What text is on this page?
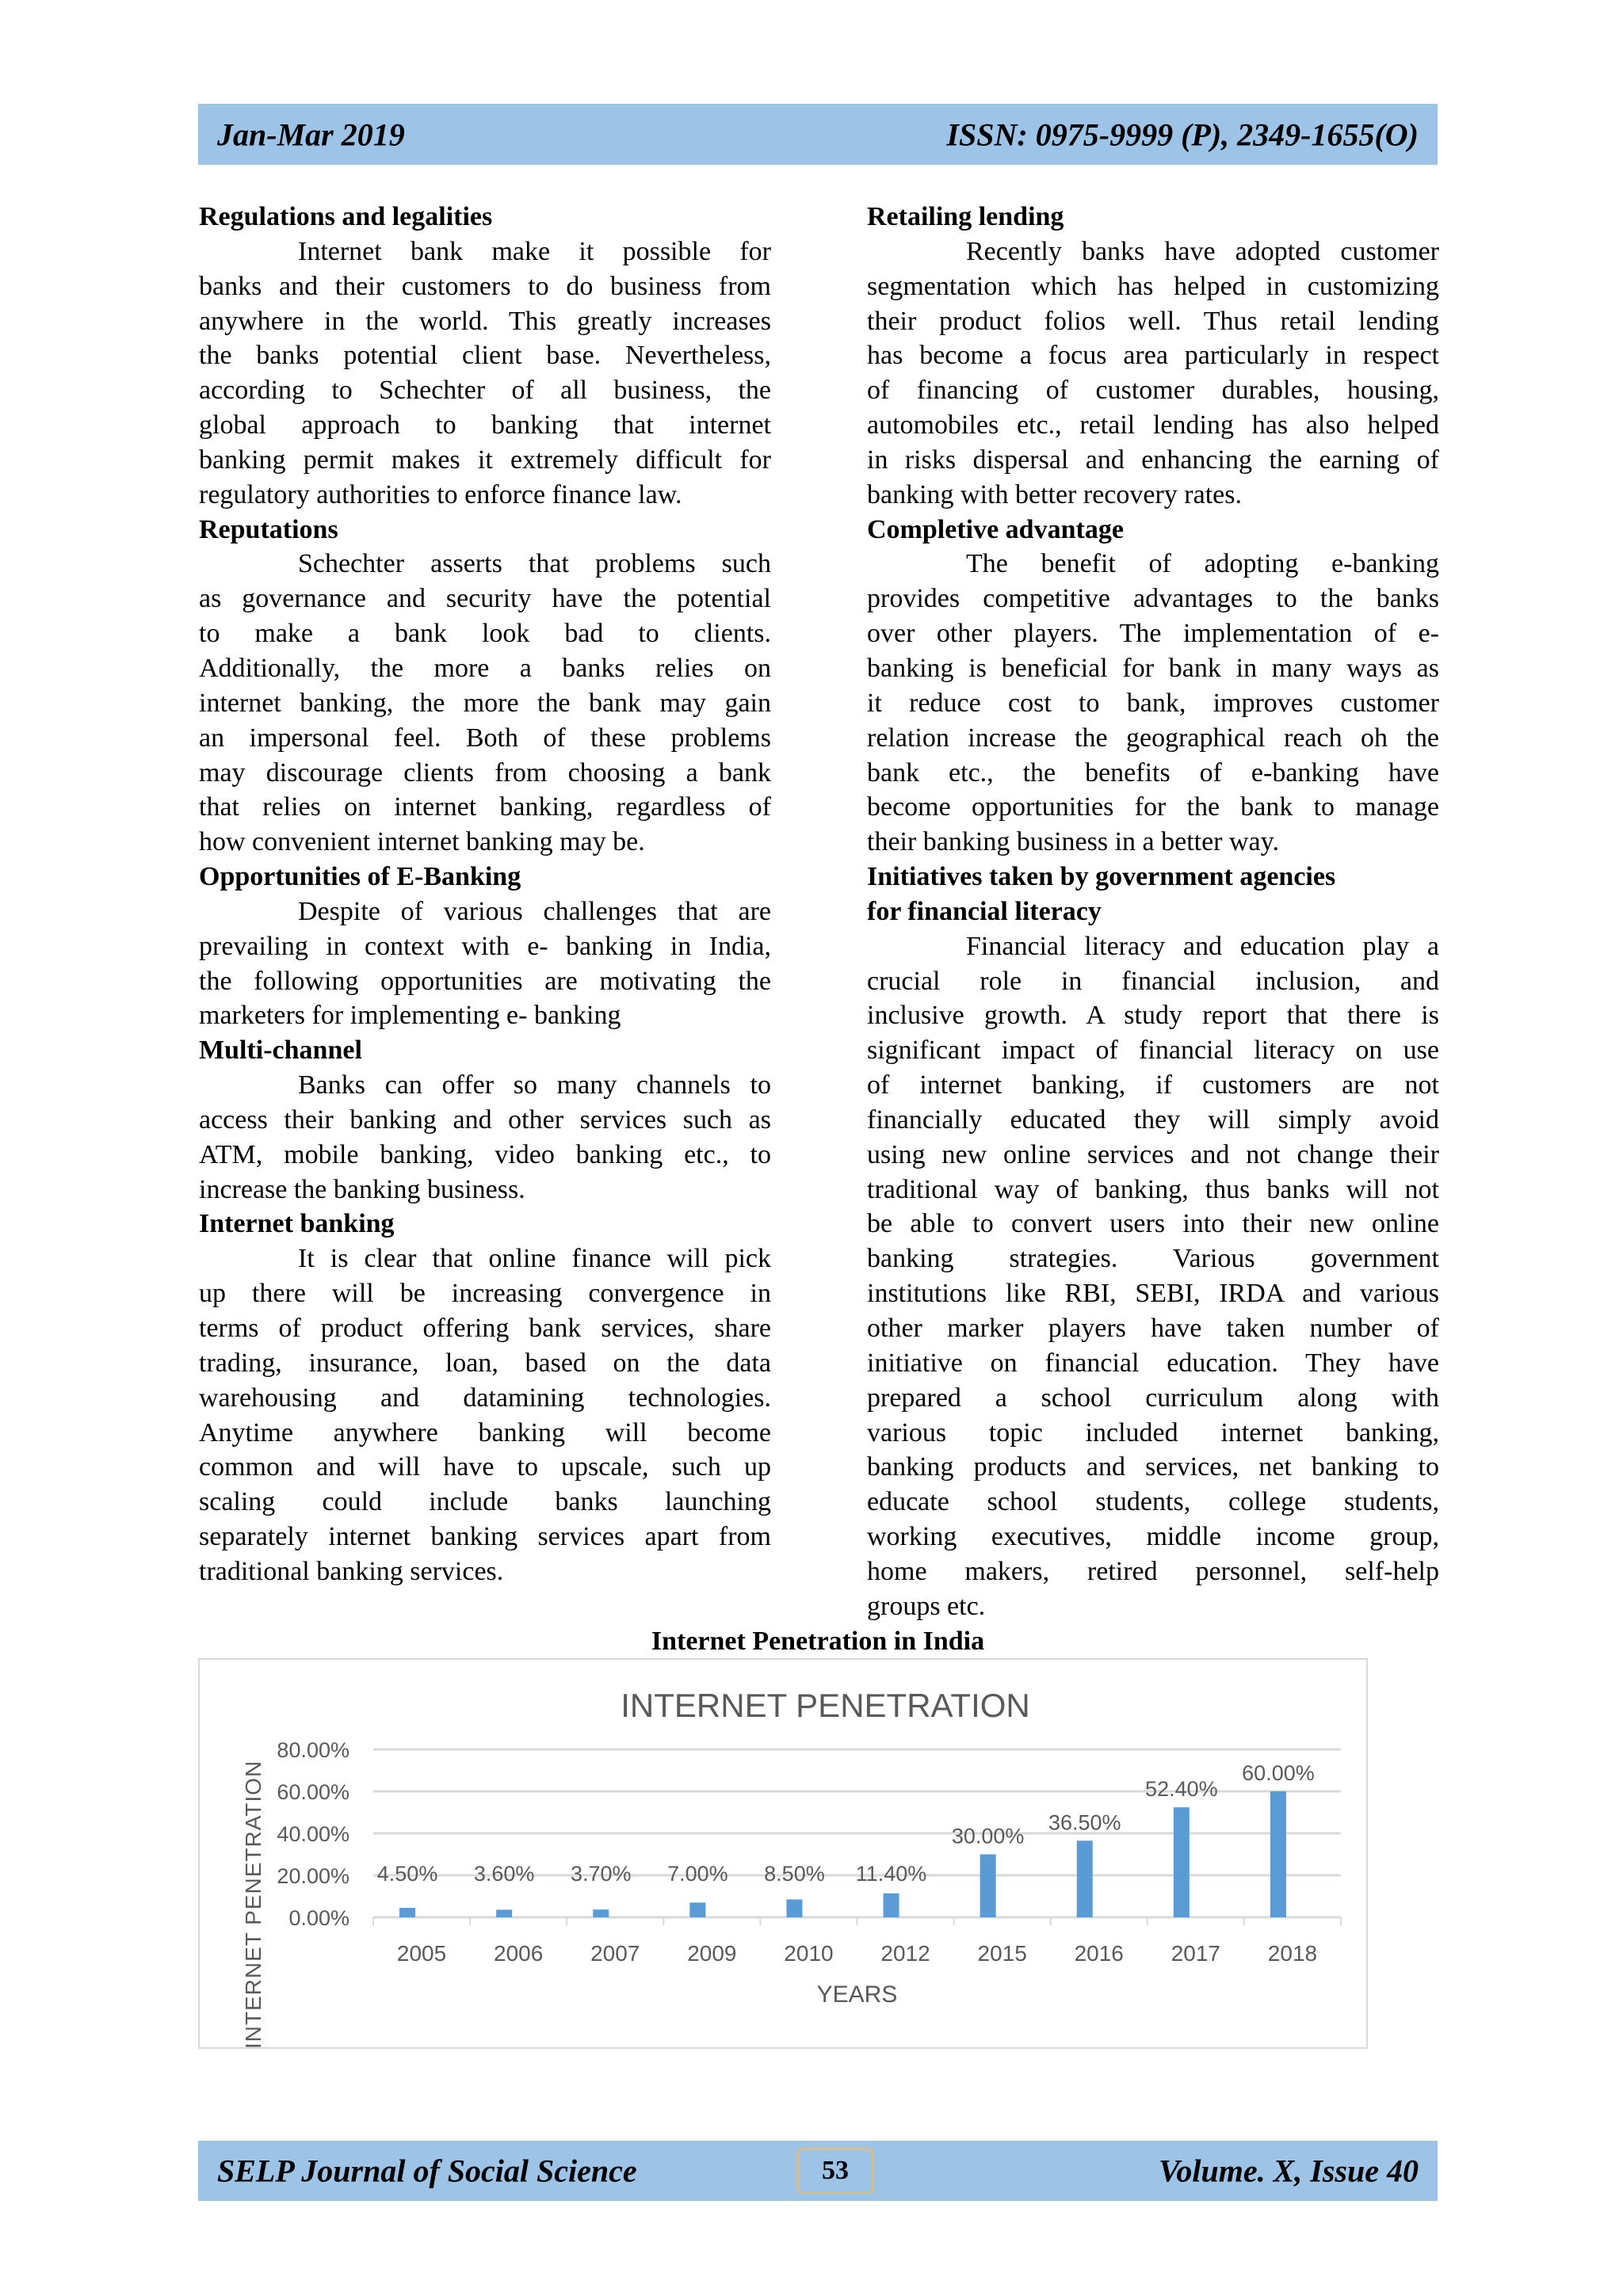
Jan-Mar 2019	ISSN: 0975-9999 (P), 2349-1655(O)
Regulations and legalities
Internet bank make it possible for
banks and their customers to do business from
anywhere in the world. This greatly increases
the banks potential client base. Nevertheless,
according to Schechter of all business, the
global approach to banking that internet
banking permit makes it extremely difficult for
regulatory authorities to enforce finance law.
Reputations
Schechter asserts that problems such
as governance and security have the potential
to make a bank look bad to clients.
Additionally, the more a banks relies on
internet banking, the more the bank may gain
an impersonal feel. Both of these problems
may discourage clients from choosing a bank
that relies on internet banking, regardless of
how convenient internet banking may be.
Opportunities of E-Banking
Despite of various challenges that are
prevailing in context with e- banking in India,
the following opportunities are motivating the
marketers for implementing e- banking
Multi-channel
Banks can offer so many channels to
access their banking and other services such as
ATM, mobile banking, video banking etc., to
increase the banking business.
Internet banking
It is clear that online finance will pick
up there will be increasing convergence in
terms of product offering bank services, share
trading, insurance, loan, based on the data
warehousing and datamining technologies.
Anytime anywhere banking will become
common and will have to upscale, such up
scaling could include banks launching
separately internet banking services apart from
traditional banking services.
Retailing lending
Recently banks have adopted customer
segmentation which has helped in customizing
their product folios well. Thus retail lending
has become a focus area particularly in respect
of financing of customer durables, housing,
automobiles etc., retail lending has also helped
in risks dispersal and enhancing the earning of
banking with better recovery rates.
Completive advantage
The benefit of adopting e-banking
provides competitive advantages to the banks
over other players. The implementation of e-
banking is beneficial for bank in many ways as
it reduce cost to bank, improves customer
relation increase the geographical reach oh the
bank etc., the benefits of e-banking have
become opportunities for the bank to manage
their banking business in a better way.
Initiatives taken by government agencies
for financial literacy
Financial literacy and education play a
crucial role in financial inclusion, and
inclusive growth. A study report that there is
significant impact of financial literacy on use
of internet banking, if customers are not
financially educated they will simply avoid
using new online services and not change their
traditional way of banking, thus banks will not
be able to convert users into their new online
banking strategies. Various government
institutions like RBI, SEBI, IRDA and various
other marker players have taken number of
initiative on financial education. They have
prepared a school curriculum along with
various topic included internet banking,
banking products and services, net banking to
educate school students, college students,
working executives, middle income group,
home makers, retired personnel, self-help
groups etc.
Internet Penetration in India
INTERNET PENETRATION
0.00%
20.00%
40.00%
60.00%
80.00%
4.50%
2005
3.60%
2006
3.70%
2007
7.00%
2009
8.50%
2010
11.40%
2012
30.00%
2015
36.50%
2016
52.40%
2017
60.00%
2018
YEARS
INTERNET PENETRATION
SELP Journal of Social Science	53	Volume. X, Issue 40
